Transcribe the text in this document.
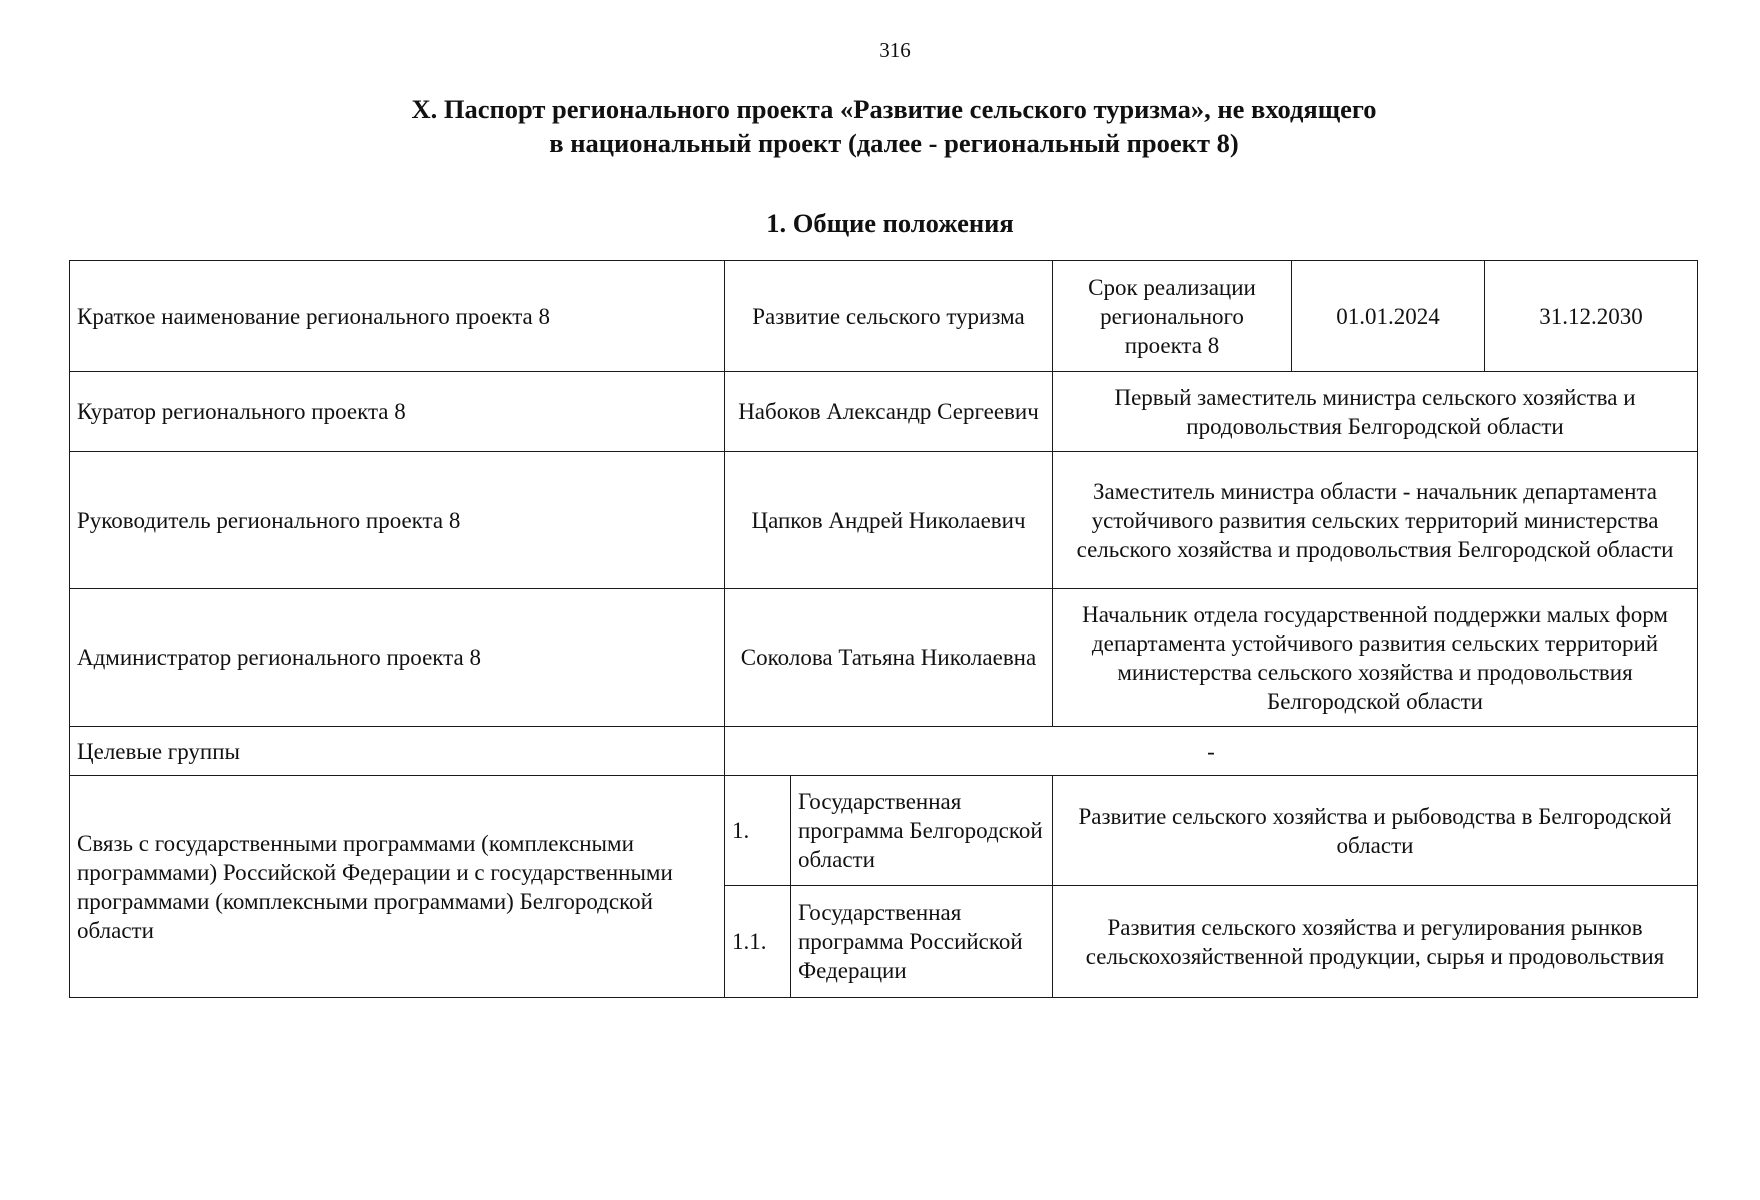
316
X. Паспорт регионального проекта «Развитие сельского туризма», не входящего
в национальный проект (далее - региональный проект 8)
1. Общие положения
Краткое наименование регионального проекта 8	Развитие сельского туризма		Срок реализации регионального проекта 8	01.01.2024	31.12.2030
Куратор регионального проекта 8	Набоков Александр Сергеевич		Первый заместитель министра сельского хозяйства и продовольствия Белгородской области		
Руководитель регионального проекта 8	Цапков Андрей Николаевич		Заместитель министра области - начальник департамента устойчивого развития сельских территорий министерства сельского хозяйства и продовольствия Белгородской области		
Администратор регионального проекта 8	Соколова Татьяна Николаевна		Начальник отдела государственной поддержки малых форм департамента устойчивого развития сельских территорий министерства сельского хозяйства и продовольствия Белгородской области		
Целевые группы	-				
Связь с государственными программами (комплексными программами) Российской Федерации и с государственными программами (комплексными программами) Белгородской области	1.	Государственная программа Белгородской области	Развитие сельского хозяйства и рыбоводства в Белгородской области		
	1.1.	Государственная программа Российской Федерации	Развития сельского хозяйства и регулирования рынков сельскохозяйственной продукции, сырья и продовольствия		
